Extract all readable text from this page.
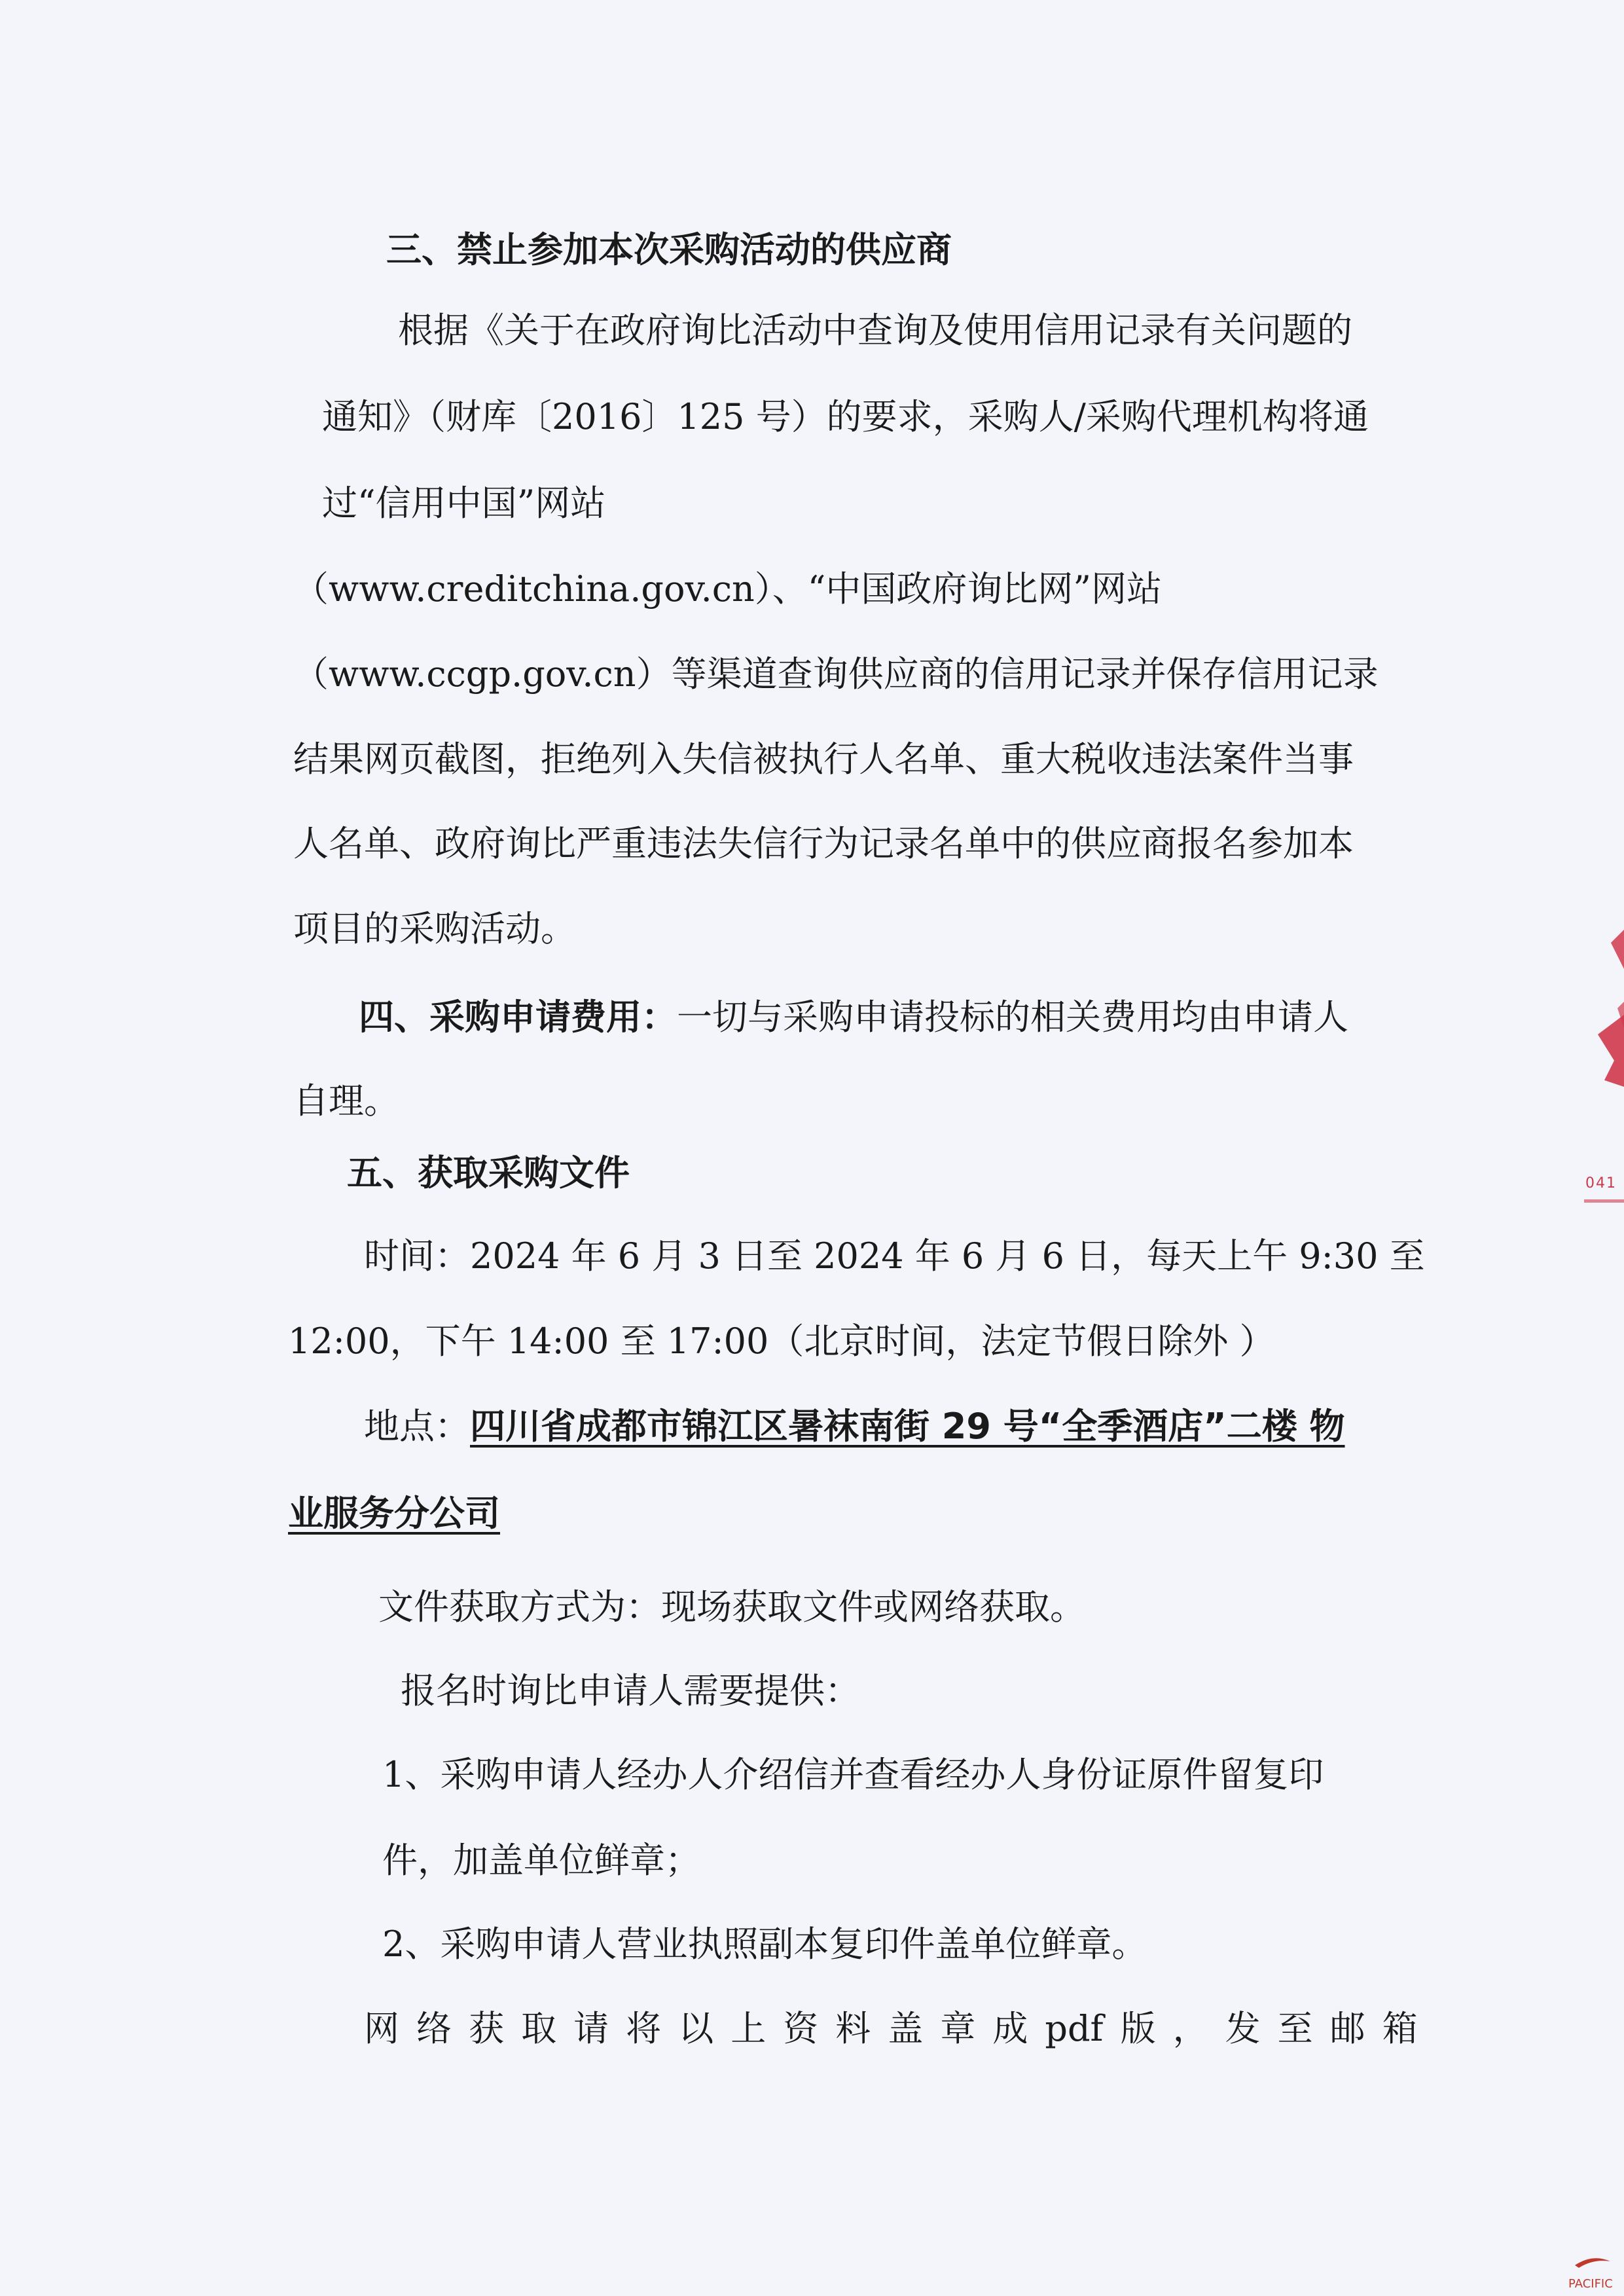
三、禁止参加本次采购活动的供应商
根据《关于在政府询比活动中查询及使用信用记录有关问题的
通知》（财库〔2016〕125 号）的要求，采购人/采购代理机构将通
过“信用中国”网站
（www.creditchina.gov.cn）、“中国政府询比网”网站
（www.ccgp.gov.cn）等渠道查询供应商的信用记录并保存信用记录
结果网页截图，拒绝列入失信被执行人名单、重大税收违法案件当事
人名单、政府询比严重违法失信行为记录名单中的供应商报名参加本
项目的采购活动。
四、采购申请费用：一切与采购申请投标的相关费用均由申请人
自理。
五、获取采购文件
时间：2024 年 6 月 3 日至 2024 年 6 月 6 日，每天上午 9:30 至
12:00，下午 14:00 至 17:00（北京时间，法定节假日除外 ）
地点：四川省成都市锦江区暑袜南街 29 号“全季酒店”二楼 物
业服务分公司
文件获取方式为：现场获取文件或网络获取。
报名时询比申请人需要提供：
1、采购申请人经办人介绍信并查看经办人身份证原件留复印
件，加盖单位鲜章；
2、采购申请人营业执照副本复印件盖单位鲜章。
网 络 获 取 请 将 以 上 资 料 盖 章 成 pdf 版 ， 发 至 邮 箱
041
PACIFIC
